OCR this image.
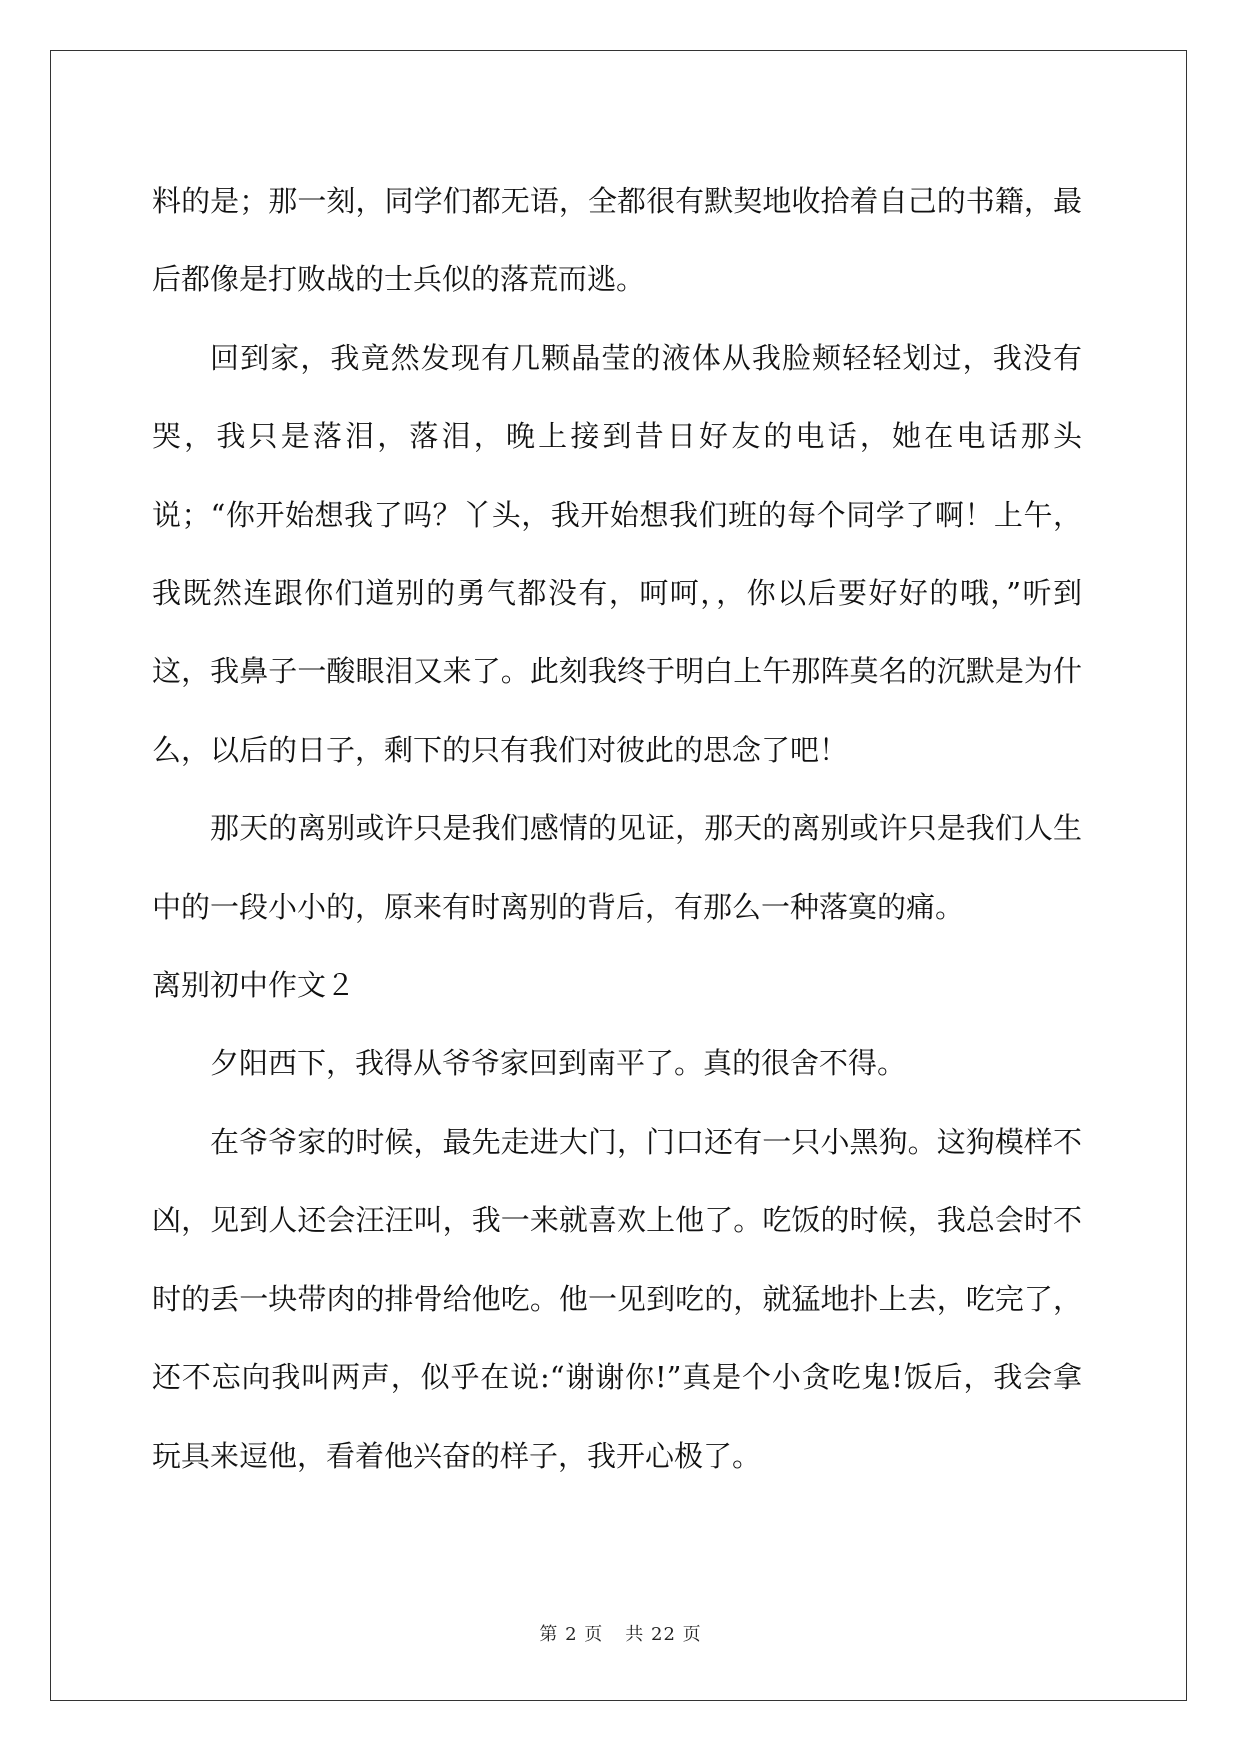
料的是；那一刻，同学们都无语，全都很有默契地收拾着自己的书籍，最后都像是打败战的士兵似的落荒而逃。

回到家，我竟然发现有几颗晶莹的液体从我脸颊轻轻划过，我没有哭，我只是落泪，落泪，晚上接到昔日好友的电话，她在电话那头说；“你开始想我了吗？丫头，我开始想我们班的每个同学了啊！上午，我既然连跟你们道别的勇气都没有，呵呵，，你以后要好好的哦，”听到这，我鼻子一酸眼泪又来了。此刻我终于明白上午那阵莫名的沉默是为什么，以后的日子，剩下的只有我们对彼此的思念了吧！

那天的离别或许只是我们感情的见证，那天的离别或许只是我们人生中的一段小小的，原来有时离别的背后，有那么一种落寞的痛。

离别初中作文２

夕阳西下，我得从爷爷家回到南平了。真的很舍不得。

在爷爷家的时候，最先走进大门，门口还有一只小黑狗。这狗模样不凶，见到人还会汪汪叫，我一来就喜欢上他了。吃饭的时候，我总会时不时的丢一块带肉的排骨给他吃。他一见到吃的，就猛地扑上去，吃完了，还不忘向我叫两声，似乎在说:“谢谢你!”真是个小贪吃鬼!饭后，我会拿玩具来逗他，看着他兴奋的样子，我开心极了。

第 2 页 共 22 页
